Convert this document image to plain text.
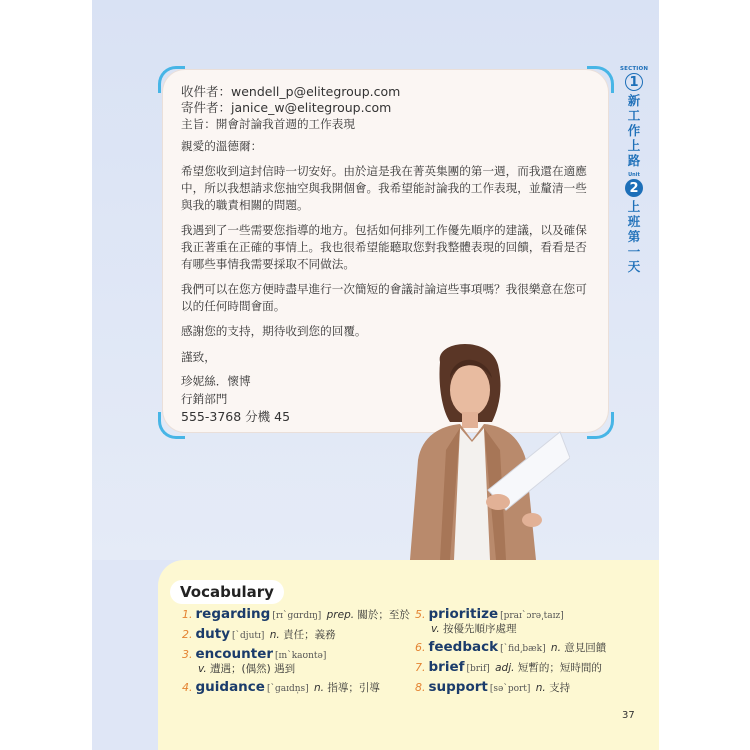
收件者：wendell_p@elitegroup.com
寄件者：janice_w@elitegroup.com
主旨：開會討論我首週的工作表現

親愛的溫德爾：

希望您收到這封信時一切安好。由於這是我在菁英集團的第一週，而我還在適應中，所以我想請求您抽空與我開個會。我希望能討論我的工作表現，並釐清一些與我的職責相關的問題。

我遇到了一些需要您指導的地方。包括如何排列工作優先順序的建議，以及確保我正著重在正確的事情上。我也很希望能聽取您對我整體表現的回饋，看看是否有哪些事情我需要採取不同做法。

我們可以在您方便時盡早進行一次簡短的會議討論這些事項嗎？我很樂意在您可以的任何時間會面。

感謝您的支持，期待收到您的回覆。

謹致，

珍妮絲．懷博

行銷部門

555-3768 分機 45

SECTION
1
新
工
作
上
路
Unit
2
上
班
第
一
天
Vocabulary
1. regarding [rɪˋgɑrdɪŋ] prep. 關於；至於
2. duty [ˋdjutɪ] n. 責任；義務
3. encounter [ɪnˋkaʊntə]
v. 遭遇；(偶然) 遇到
4. guidance [ˋgaɪdn̩s] n. 指導；引導
5. prioritize [praɪˋɔrə͵taɪz]
v. 按優先順序處理
6. feedback [ˋfid͵bæk] n. 意見回饋
7. brief [brif] adj. 短暫的；短時間的
8. support [səˋport] n. 支持
37
